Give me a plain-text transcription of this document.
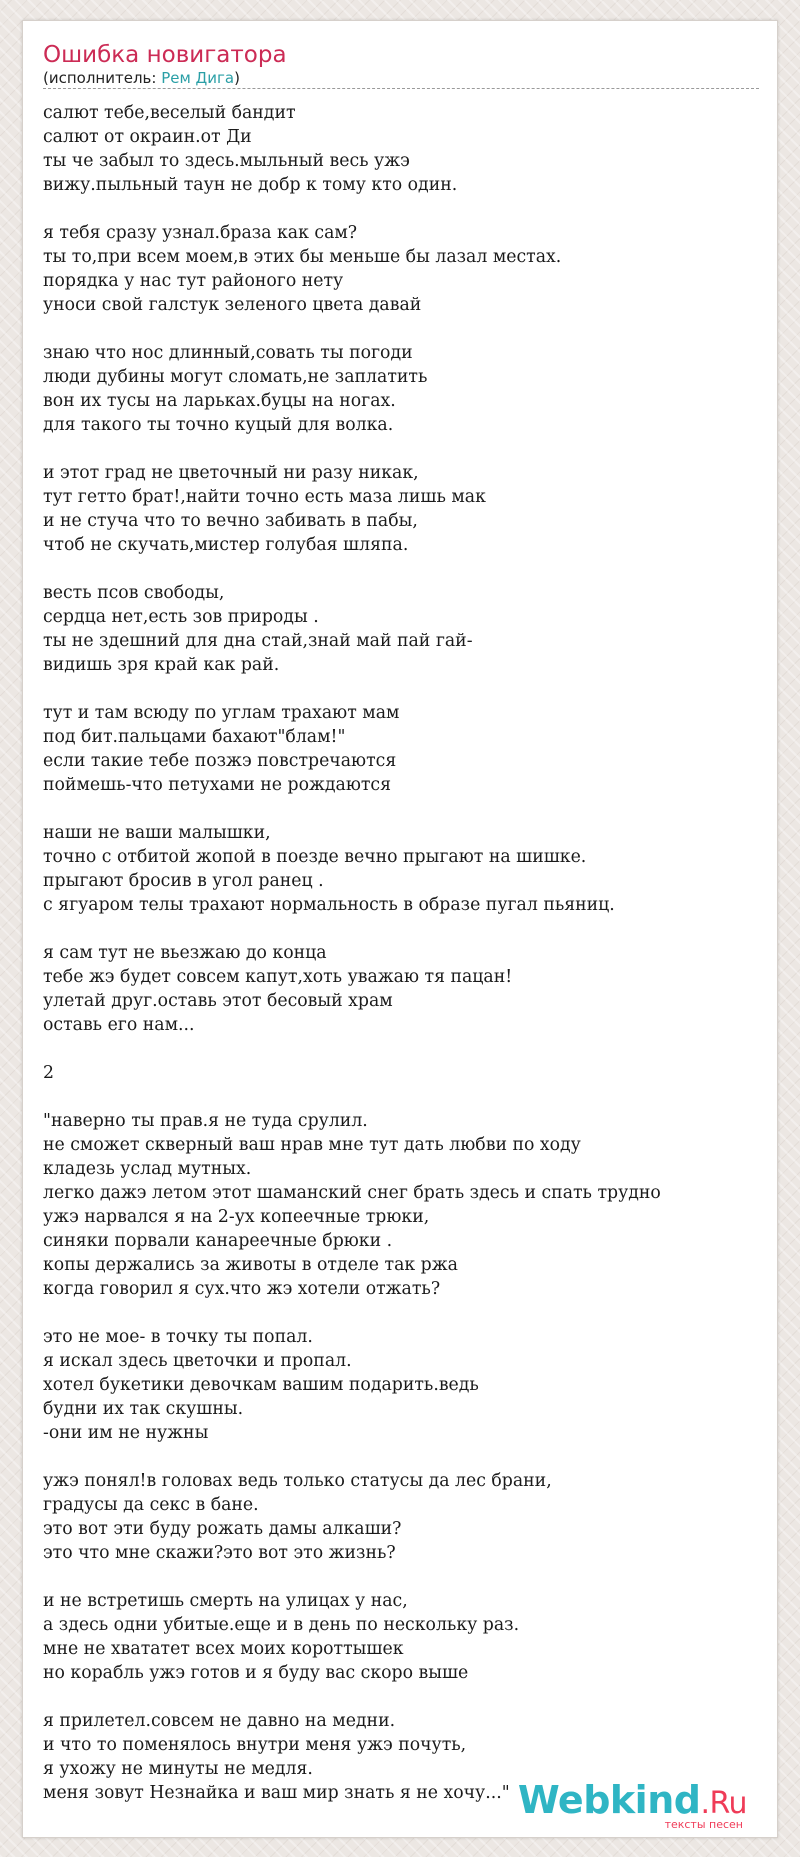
Ошибка новигатора
(исполнитель: Рем Дига)
салют тебе,веселый бандит
салют от окраин.от Ди
ты че забыл то здесь.мыльный весь ужэ
вижу.пыльный таун не добр к тому кто один.
я тебя сразу узнал.браза как сам?
ты то,при всем моем,в этих бы меньше бы лазал местах.
порядка у нас тут районого нету
уноси свой галстук зеленого цвета давай
знаю что нос длинный,совать ты погоди
люди дубины могут сломать,не заплатить
вон их тусы на ларьках.буцы на ногах.
для такого ты точно куцый для волка.
и этот град не цветочный ни разу никак,
тут гетто брат!,найти точно есть маза лишь мак
и не стуча что то вечно забивать в пабы,
чтоб не скучать,мистер голубая шляпа.
весть псов свободы,
сердца нет,есть зов природы .
ты не здешний для дна стай,знай май пай гай-
видишь зря край как рай.
тут и там всюду по углам трахают мам
под бит.пальцами бахают"блам!"
если такие тебе позжэ повстречаются
поймешь-что петухами не рождаются
наши не ваши малышки,
точно с отбитой жопой в поезде вечно прыгают на шишке.
прыгают бросив в угол ранец .
с ягуаром телы трахают нормальность в образе пугал пьяниц.
я сам тут не вьезжаю до конца
тебе жэ будет совсем капут,хоть уважаю тя пацан!
улетай друг.оставь этот бесовый храм
оставь его нам...
2
"наверно ты прав.я не туда срулил.
не сможет скверный ваш нрав мне тут дать любви по ходу
кладезь услад мутных.
легко дажэ летом этот шаманский снег брать здесь и спать трудно
ужэ нарвался я на 2-ух копеечные трюки,
синяки порвали канареечные брюки .
копы держались за животы в отделе так ржа
когда говорил я сух.что жэ хотели отжать?
это не мое- в точку ты попал.
я искал здесь цветочки и пропал.
хотел букетики девочкам вашим подарить.ведь
будни их так скушны.
-они им не нужны
ужэ понял!в головах ведь только статусы да лес брани,
градусы да секс в бане.
это вот эти буду рожать дамы алкаши?
это что мне скажи?это вот это жизнь?
и не встретишь смерть на улицах у нас,
а здесь одни убитые.еще и в день по нескольку раз.
мне не хвататет всех моих короттышек
но корабль ужэ готов и я буду вас скоро выше
я прилетел.совсем не давно на медни.
и что то поменялось внутри меня ужэ почуть,
я ухожу не минуты не медля.
меня зовут Незнайка и ваш мир знать я не хочу..." Webkind.Ru
тексты песен
